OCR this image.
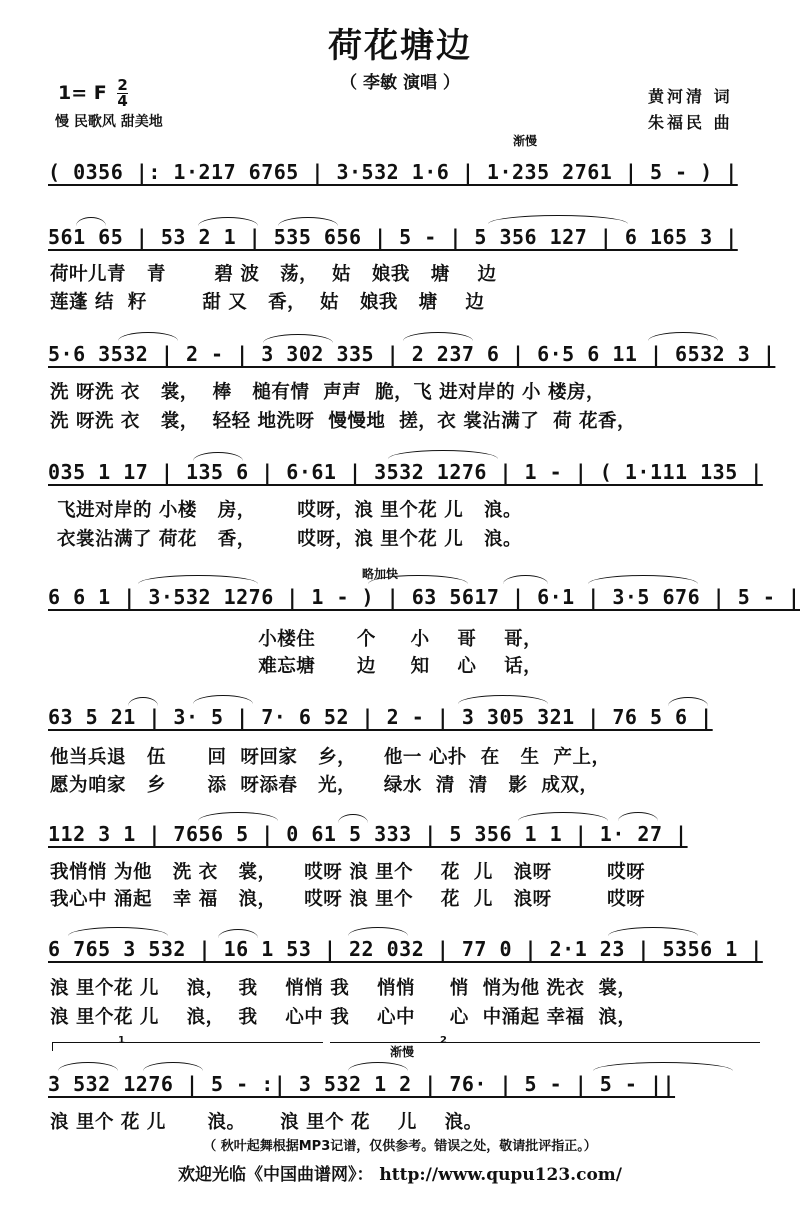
荷花塘边
（ 李敏 演唱 ）
1= F $\frac{2}{4}$
慢 民歌风 甜美地
黄河清 词
朱福民 曲
渐慢
略加快
渐慢
1	2
( 0356 |: 1·217 6765 | 3·532 1·6 | 1·235 2761 | 5 - ) |
561 65 | 53 2 1 | 535 656 | 5 - | 5 356 127 | 6 165 3 |
荷叶儿青   青       碧 波   荡，  姑   娘我   塘    边
莲蓬 结  籽        甜 又   香，  姑   娘我   塘    边
5·6 3532 | 2 - | 3 302 335 | 2 237 6 | 6·5 6 11 | 6532 3 |
洗 呀洗 衣   裳，  棒   槌有情  声声  脆，飞 进对岸的 小 楼房，
洗 呀洗 衣   裳，  轻轻 地洗呀  慢慢地  搓，衣 裳沾满了  荷 花香，
035 1 17 | 135 6 | 6·61 | 3532 1276 | 1 - | ( 1·111 135 |
飞进对岸的 小楼   房，      哎呀，浪 里个花 儿   浪。
衣裳沾满了 荷花   香，      哎呀，浪 里个花 儿   浪。
6 6 1 | 3·532 1276 | 1 - ) | 63 5617 | 6·1 | 3·5 676 | 5 - |
小楼住      个     小    哥    哥，
难忘塘      边     知    心    话，
63 5 21 | 3· 5 | 7· 6 52 | 2 - | 3 305 321 | 76 5 6 |
他当兵退   伍      回  呀回家   乡，    他一 心扑  在   生  产上，
愿为咱家   乡      添  呀添春   光，    绿水  清  清   影  成双，
112 3 1 | 7656 5 | 0 61 5 333 | 5 356 1 1 | 1· 27 |
我悄悄 为他   洗 衣   裳，    哎呀 浪 里个    花  儿   浪呀        哎呀
我心中 涌起   幸 福   浪，    哎呀 浪 里个    花  儿   浪呀        哎呀
6 765 3 532 | 16 1 53 | 22 032 | 77 0 | 2·1 23 | 5356 1 |
浪 里个花 儿    浪，  我    悄悄 我    悄悄     悄  悄为他 洗衣  裳，
浪 里个花 儿    浪，  我    心中 我    心中     心  中涌起 幸福  浪，
3 532 1276 | 5 - :| 3 532 1 2 | 76· | 5 - | 5 - ||
浪 里个 花 儿      浪。     浪 里个 花    儿    浪。
（ 秋叶起舞根据MP3记谱，仅供参考。错误之处，敬请批评指正。）
欢迎光临《中国曲谱网》： http://www.qupu123.com/
